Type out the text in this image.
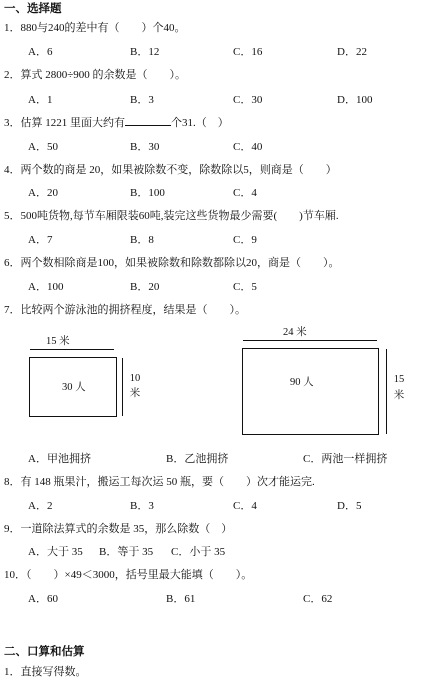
一、选择题
1．880与240的差中有（　　）个40。
A．6	B．12	C．16	D．22
2．算式 2800÷900 的余数是（　　）。
A．1	B．3	C．30	D．100
3．估算 1221 里面大约有	个31.（　）
A．50	B．30	C．40
4．两个数的商是 20，如果被除数不变，除数除以5，则商是（　　）
A．20	B．100	C．4
5．500吨货物,每节车厢限装60吨,装完这些货物最少需要(　　)节车厢.
A．7	B．8	C．9
6．两个数相除商是100，如果被除数和除数都除以20，商是（　　）。
A．100	B．20	C．5
7．比较两个游泳池的拥挤程度，结果是（　　）。
15 米
30 人
10
米
24 米
90 人	15
米
A．甲池拥挤	B．乙池拥挤	C．两池一样拥挤
8．有 148 瓶果汁，搬运工每次运 50 瓶，要（　　）次才能运完.
A．2	B．3	C．4	D．5
9．一道除法算式的余数是 35，那么除数（　）
A．大于 35 B．等于 35 C．小于 35
10．（　　）×49＜3000，括号里最大能填（　　）。
A．60	B．61	C．62
二、口算和估算
1．直接写得数。
